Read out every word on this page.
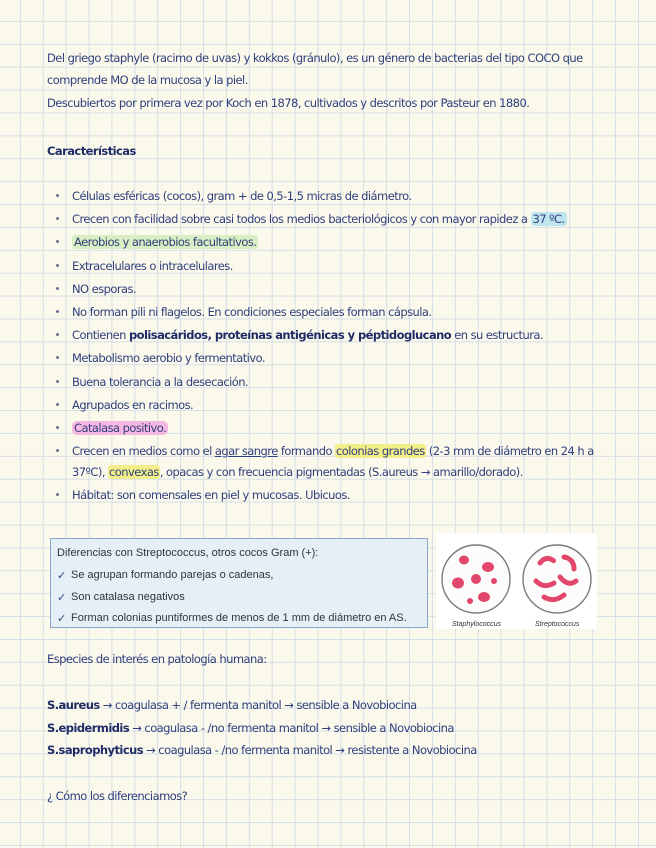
Del griego staphyle (racimo de uvas) y kokkos (gránulo), es un género de bacterias del tipo COCO que
comprende MO de la mucosa y la piel.
Descubiertos por primera vez por Koch en 1878, cultivados y descritos por Pasteur en 1880.
Características
Células esféricas (cocos), gram + de 0,5-1,5 micras de diámetro.
Crecen con facilidad sobre casi todos los medios bacteriológicos y con mayor rapidez a 37 ºC.
Aerobios y anaerobios facultativos.
Extracelulares o intracelulares.
NO esporas.
No forman pili ni flagelos. En condiciones especiales forman cápsula.
Contienen polisacáridos, proteínas antigénicas y péptidoglucano en su estructura.
Metabolismo aerobio y fermentativo.
Buena tolerancia a la desecación.
Agrupados en racimos.
Catalasa positivo.
Crecen en medios como el agar sangre formando colonias grandes (2-3 mm de diámetro en 24 h a
37ºC), convexas, opacas y con frecuencia pigmentadas (S.aureus → amarillo/dorado).
Hábitat: son comensales en piel y mucosas. Ubicuos.
Diferencias con Streptococcus, otros cocos Gram (+):
✓ Se agrupan formando parejas o cadenas,
✓ Son catalasa negativos
✓ Forman colonias puntiformes de menos de 1 mm de diámetro en AS.
Staphylococcus	Streptococcus
Especies de interés en patología humana:
S.aureus → coagulasa + / fermenta manitol → sensible a Novobiocina
S.epidermidis → coagulasa - /no fermenta manitol → sensible a Novobiocina
S.saprophyticus → coagulasa - /no fermenta manitol → resistente a Novobiocina
¿ Cómo los diferenciamos?
